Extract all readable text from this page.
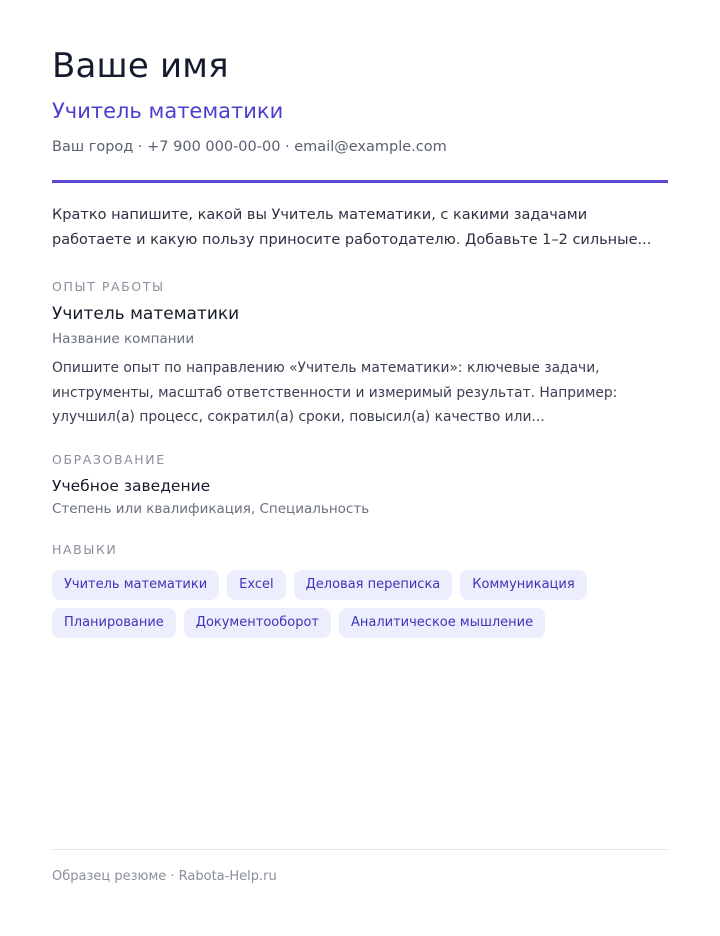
Ваше имя
Учитель математики
Ваш город · +7 900 000-00-00 · email@example.com
Кратко напишите, какой вы Учитель математики, с какими задачами работаете и какую пользу приносите работодателю. Добавьте 1–2 сильные...
ОПЫТ РАБОТЫ
Учитель математики
Название компании
Опишите опыт по направлению «Учитель математики»: ключевые задачи, инструменты, масштаб ответственности и измеримый результат. Например: улучшил(а) процесс, сократил(а) сроки, повысил(а) качество или...
ОБРАЗОВАНИЕ
Учебное заведение
Степень или квалификация, Специальность
НАВЫКИ
Учитель математики	Excel	Деловая переписка	Коммуникация
Планирование	Документооборот	Аналитическое мышление
Образец резюме · Rabota-Help.ru
